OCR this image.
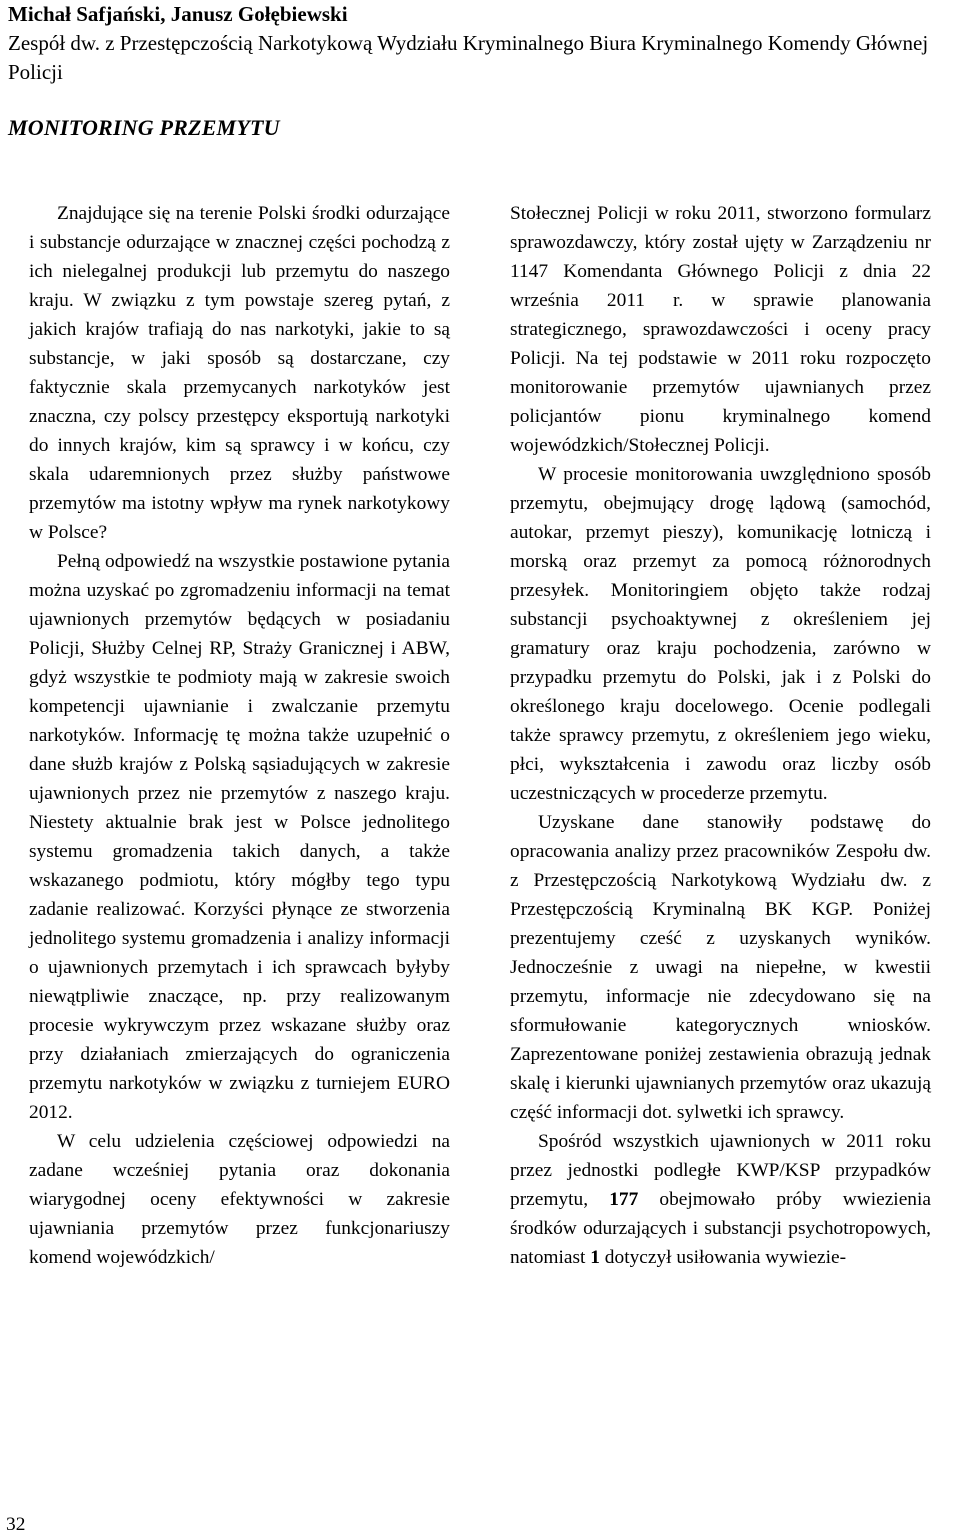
Michał Safjański, Janusz Gołębiewski

Zespół dw. z Przestępczością Narkotykową Wydziału Kryminalnego Biura Kryminalnego Komendy Głównej Policji

MONITORING PRZEMYTU

Znajdujące się na terenie Polski środki odurzające i substancje odurzające w znacznej części pochodzą z ich nielegalnej produkcji lub przemytu do naszego kraju. W związku z tym powstaje szereg pytań, z jakich krajów trafiają do nas narkotyki, jakie to są substancje, w jaki sposób są dostarczane, czy faktycznie skala przemycanych narkotyków jest znaczna, czy polscy przestępcy eksportują narkotyki do innych krajów, kim są sprawcy i w końcu, czy skala udaremnionych przez służby państwowe przemytów ma istotny wpływ ma rynek narkotykowy w Polsce?

Pełną odpowiedź na wszystkie postawione pytania można uzyskać po zgromadzeniu informacji na temat ujawnionych przemytów będących w posiadaniu Policji, Służby Celnej RP, Straży Granicznej i ABW, gdyż wszystkie te podmioty mają w zakresie swoich kompetencji ujawnianie i zwalczanie przemytu narkotyków. Informację tę można także uzupełnić o dane służb krajów z Polską sąsiadujących w zakresie ujawnionych przez nie przemytów z naszego kraju. Niestety aktualnie brak jest w Polsce jednolitego systemu gromadzenia takich danych, a także wskazanego podmiotu, który mógłby tego typu zadanie realizować. Korzyści płynące ze stworzenia jednolitego systemu gromadzenia i analizy informacji o ujawnionych przemytach i ich sprawcach byłyby niewątpliwie znaczące, np. przy realizowanym procesie wykrywczym przez wskazane służby oraz przy działaniach zmierzających do ograniczenia przemytu narkotyków w związku z turniejem EURO 2012.

W celu udzielenia częściowej odpowiedzi na zadane wcześniej pytania oraz dokonania wiarygodnej oceny efektywności w zakresie ujawniania przemytów przez funkcjonariuszy komend wojewódzkich/

Stołecznej Policji w roku 2011, stworzono formularz sprawozdawczy, który został ujęty w Zarządzeniu nr 1147 Komendanta Głównego Policji z dnia 22 września 2011 r. w sprawie planowania strategicznego, sprawozdawczości i oceny pracy Policji. Na tej podstawie w 2011 roku rozpoczęto monitorowanie przemytów ujawnianych przez policjantów pionu kryminalnego komend wojewódzkich/Stołecznej Policji.

W procesie monitorowania uwzględniono sposób przemytu, obejmujący drogę lądową (samochód, autokar, przemyt pieszy), komunikację lotniczą i morską oraz przemyt za pomocą różnorodnych przesyłek. Monitoringiem objęto także rodzaj substancji psychoaktywnej z określeniem jej gramatury oraz kraju pochodzenia, zarówno w przypadku przemytu do Polski, jak i z Polski do określonego kraju docelowego. Ocenie podlegali także sprawcy przemytu, z określeniem jego wieku, płci, wykształcenia i zawodu oraz liczby osób uczestniczących w procederze przemytu.

Uzyskane dane stanowiły podstawę do opracowania analizy przez pracowników Zespołu dw. z Przestępczością Narkotykową Wydziału dw. z Przestępczością Kryminalną BK KGP. Poniżej prezentujemy cześć z uzyskanych wyników. Jednocześnie z uwagi na niepełne, w kwestii przemytu, informacje nie zdecydowano się na sformułowanie kategorycznych wniosków. Zaprezentowane poniżej zestawienia obrazują jednak skalę i kierunki ujawnianych przemytów oraz ukazują część informacji dot. sylwetki ich sprawcy.

Spośród wszystkich ujawnionych w 2011 roku przez jednostki podległe KWP/KSP przypadków przemytu, 177 obejmowało próby wwiezienia środków odurzających i substancji psychotropowych, natomiast 1 dotyczył usiłowania wywiezie-

32
